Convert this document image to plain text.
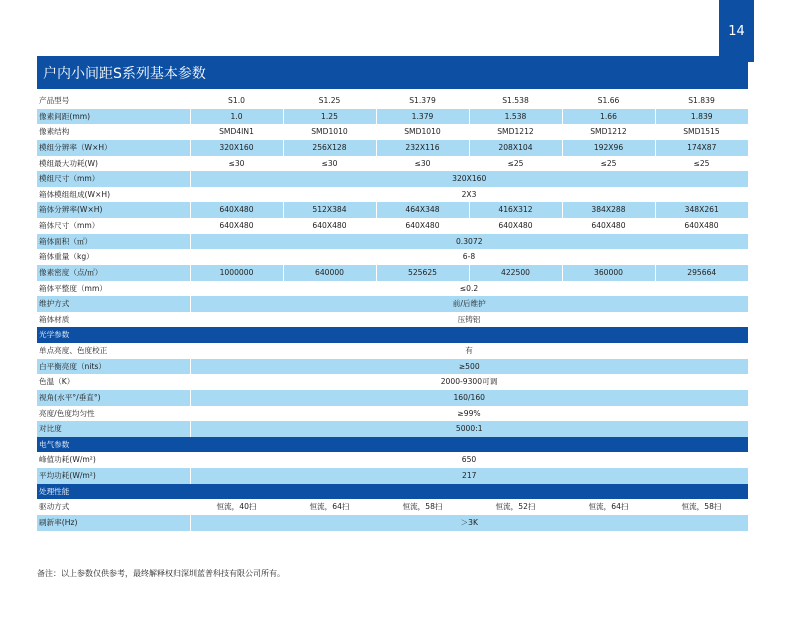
14
户内小间距S系列基本参数
产品型号	S1.0	S1.25	S1.379	S1.538	S1.66	S1.839
像素间距(mm)	1.0	1.25	1.379	1.538	1.66	1.839
像素结构	SMD4IN1	SMD1010	SMD1010	SMD1212	SMD1212	SMD1515
模组分辨率（W×H）	320X160	256X128	232X116	208X104	192X96	174X87
模组最大功耗(W)	≤30	≤30	≤30	≤25	≤25	≤25
模组尺寸（mm）	320X160					
箱体模组组成(W×H)	2X3					
箱体分辨率(W×H)	640X480	512X384	464X348	416X312	384X288	348X261
箱体尺寸（mm）	640X480	640X480	640X480	640X480	640X480	640X480
箱体面积（㎡）	0.3072					
箱体重量（kg）	6-8					
像素密度（点/㎡）	1000000	640000	525625	422500	360000	295664
箱体平整度（mm）	≤0.2					
维护方式	前/后维护					
箱体材质	压铸铝					
光学参数						
单点亮度、色度校正	有					
白平衡亮度（nits）	≥500					
色温（K）	2000-9300可调					
视角(水平°/垂直°)	160/160					
亮度/色度均匀性	≥99%					
对比度	5000:1					
电气参数						
峰值功耗(W/m²)	650					
平均功耗(W/m²)	217					
处理性能						
驱动方式	恒流，40扫	恒流，64扫	恒流，58扫	恒流，52扫	恒流，64扫	恒流，58扫
刷新率(Hz)	＞3K					
备注：以上参数仅供参考，最终解释权归深圳蓝普科技有限公司所有。
